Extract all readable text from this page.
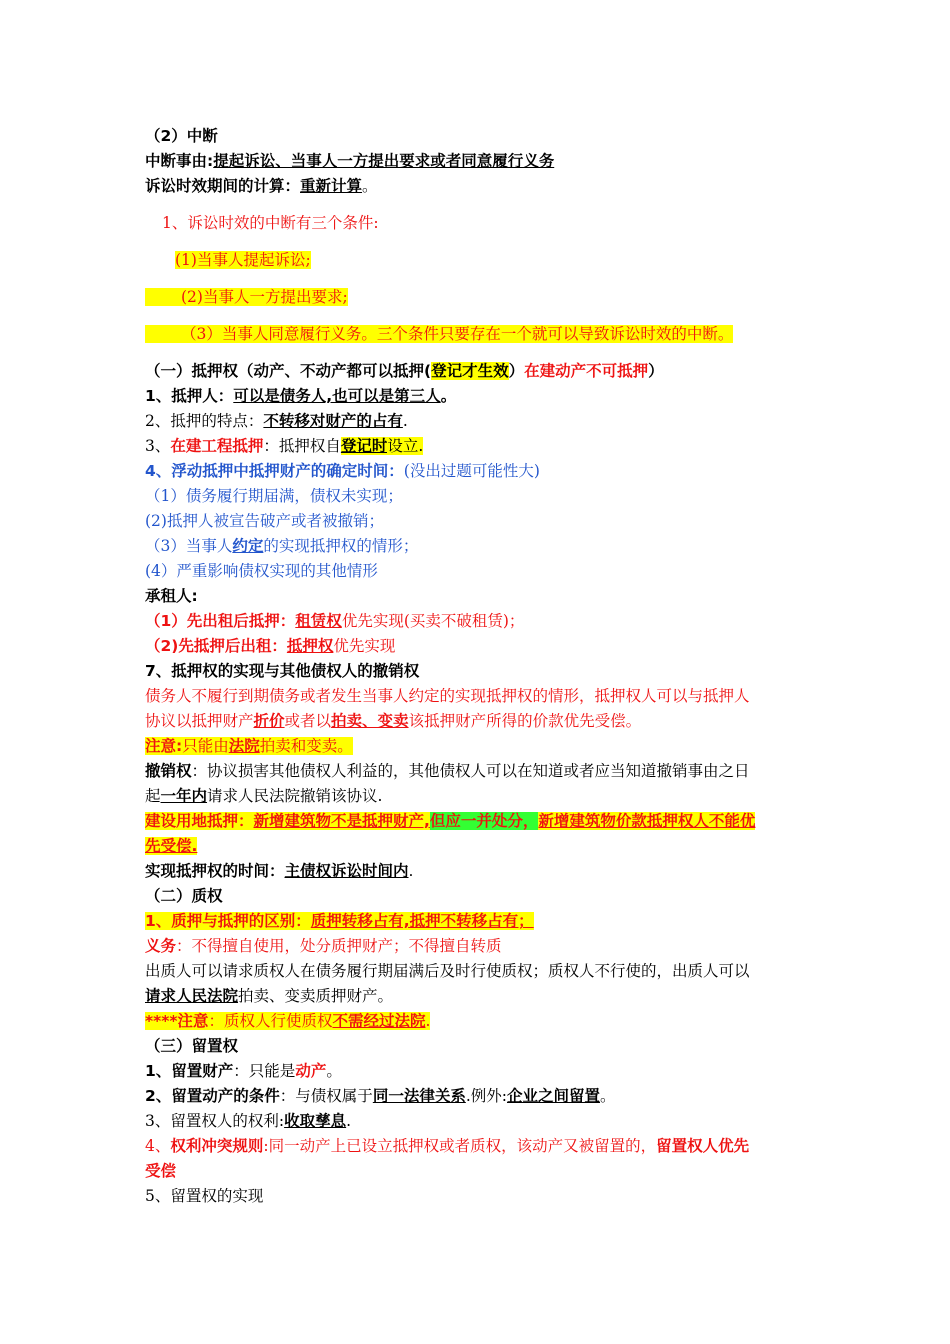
（2）中断
中断事由:提起诉讼、当事人一方提出要求或者同意履行义务
诉讼时效期间的计算：重新计算。
1、诉讼时效的中断有三个条件:
(1)当事人提起诉讼;
(2)当事人一方提出要求;
（3）当事人同意履行义务。三个条件只要存在一个就可以导致诉讼时效的中断。
（一）抵押权（动产、不动产都可以抵押(登记才生效）在建动产不可抵押）
1、抵押人：可以是债务人,也可以是第三人。
2、抵押的特点：不转移对财产的占有.
3、在建工程抵押：抵押权自登记时设立.
4、浮动抵押中抵押财产的确定时间：(没出过题可能性大)
（1）债务履行期届满，债权未实现；
(2)抵押人被宣告破产或者被撤销；
（3）当事人约定的实现抵押权的情形；
(4）严重影响债权实现的其他情形
承租人:
（1）先出租后抵押：租赁权优先实现(买卖不破租赁)；
（2)先抵押后出租：抵押权优先实现
7、抵押权的实现与其他债权人的撤销权
债务人不履行到期债务或者发生当事人约定的实现抵押权的情形，抵押权人可以与抵押人
协议以抵押财产折价或者以拍卖、变卖该抵押财产所得的价款优先受偿。
注意:只能由法院拍卖和变卖。
撤销权：协议损害其他债权人利益的，其他债权人可以在知道或者应当知道撤销事由之日
起一年内请求人民法院撤销该协议.
建设用地抵押：新增建筑物不是抵押财产,但应一并处分，新增建筑物价款抵押权人不能优
先受偿.
实现抵押权的时间：主债权诉讼时间内.
（二）质权
1、质押与抵押的区别：质押转移占有,抵押不转移占有；
义务：不得擅自使用，处分质押财产；不得擅自转质
出质人可以请求质权人在债务履行期届满后及时行使质权；质权人不行使的，出质人可以
请求人民法院拍卖、变卖质押财产。
****注意：质权人行使质权不需经过法院.
（三）留置权
1、留置财产：只能是动产。
2、留置动产的条件：与债权属于同一法律关系.例外:企业之间留置。
3、留置权人的权利:收取孳息.
4、权利冲突规则:同一动产上已设立抵押权或者质权，该动产又被留置的，留置权人优先
受偿
5、留置权的实现
